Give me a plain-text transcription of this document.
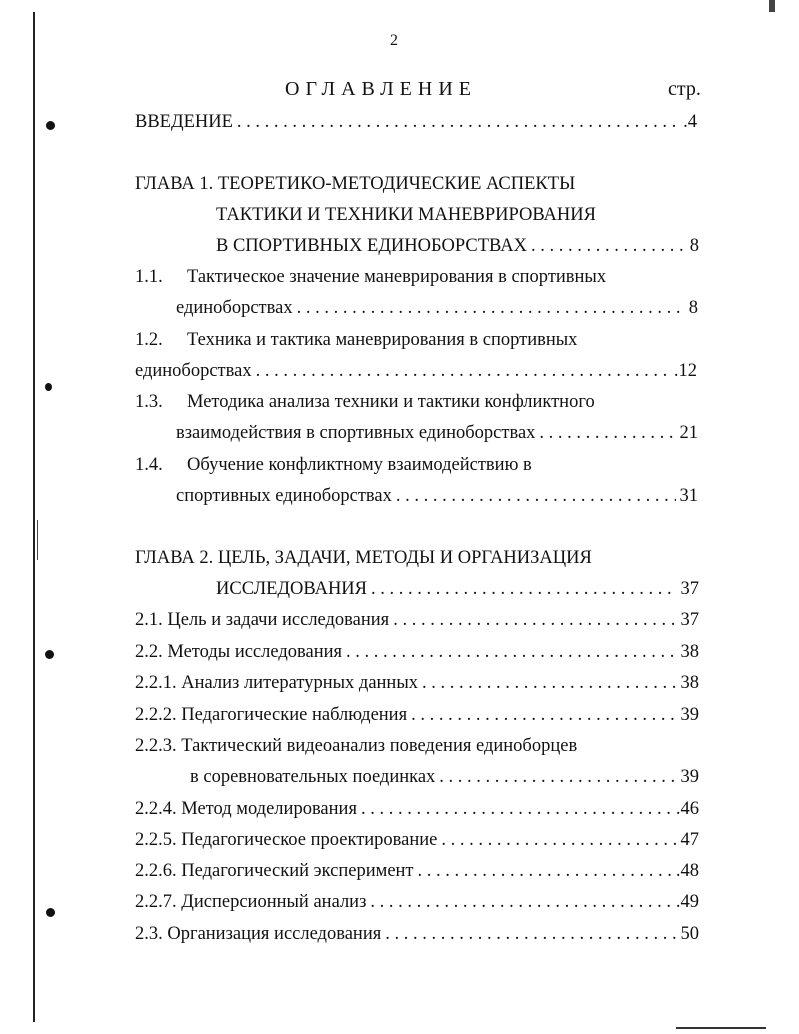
2
ОГЛАВЛЕНИЕ	стр.
ВВЕДЕНИЕ . . .	.4
ГЛАВА 1. ТЕОРЕТИКО-МЕТОДИЧЕСКИЕ АСПЕКТЫ
ТАКТИКИ И ТЕХНИКИ МАНЕВРИРОВАНИЯ
В СПОРТИВНЫХ ЕДИНОБОРСТВАХ . . .	8
1.1. Тактическое значение маневрирования в спортивных
единоборствах . . .	8
1.2. Техника и тактика маневрирования в спортивных
единоборствах . . .	.12
1.3. Методика анализа техники и тактики конфликтного
взаимодействия в спортивных единоборствах . . .	21
1.4. Обучение конфликтному взаимодействию в
спортивных единоборствах . . .	31
ГЛАВА 2. ЦЕЛЬ, ЗАДАЧИ, МЕТОДЫ И ОРГАНИЗАЦИЯ
ИССЛЕДОВАНИЯ . . .	37
2.1. Цель и задачи исследования . . .	37
2.2. Методы исследования . . .	38
2.2.1. Анализ литературных данных . . .	38
2.2.2. Педагогические наблюдения . . .	39
2.2.3. Тактический видеоанализ поведения единоборцев
в соревновательных поединках . . .	39
2.2.4. Метод моделирования . . .	.46
2.2.5. Педагогическое проектирование . . .	47
2.2.6. Педагогический эксперимент . . .	.48
2.2.7. Дисперсионный анализ . . .	.49
2.3. Организация исследования . . .	50
